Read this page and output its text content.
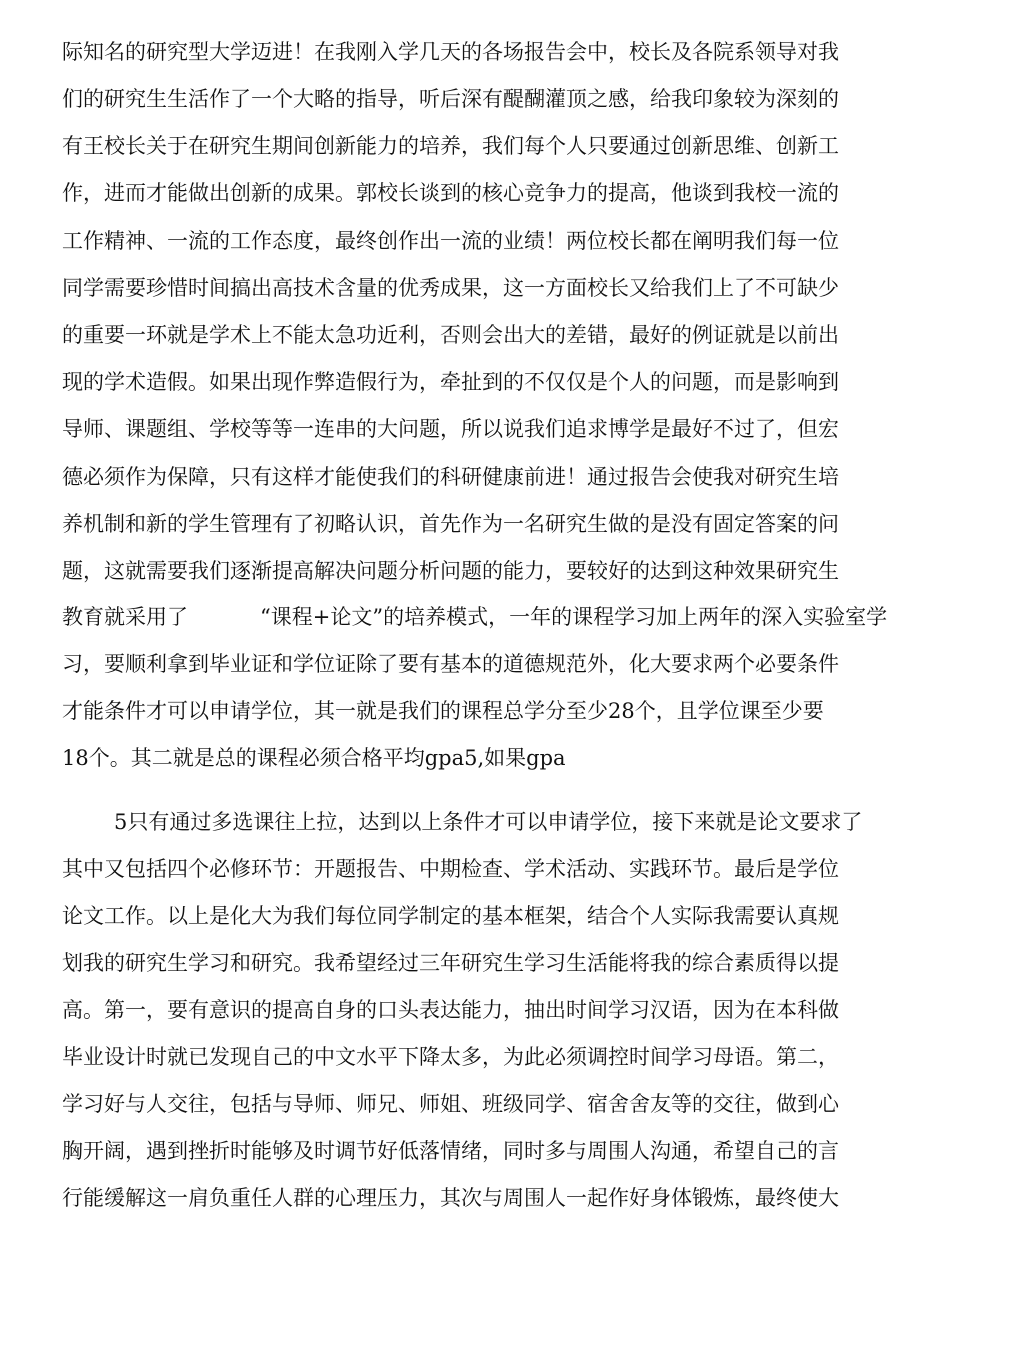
际知名的研究型大学迈进！在我刚入学几天的各场报告会中，校长及各院系领导对我
们的研究生生活作了一个大略的指导，听后深有醍醐灌顶之感，给我印象较为深刻的
有王校长关于在研究生期间创新能力的培养，我们每个人只要通过创新思维、创新工
作，进而才能做出创新的成果。郭校长谈到的核心竞争力的提高，他谈到我校一流的
工作精神、一流的工作态度，最终创作出一流的业绩！两位校长都在阐明我们每一位
同学需要珍惜时间搞出高技术含量的优秀成果，这一方面校长又给我们上了不可缺少
的重要一环就是学术上不能太急功近利，否则会出大的差错，最好的例证就是以前出
现的学术造假。如果出现作弊造假行为，牵扯到的不仅仅是个人的问题，而是影响到
导师、课题组、学校等等一连串的大问题，所以说我们追求博学是最好不过了，但宏
德必须作为保障，只有这样才能使我们的科研健康前进！通过报告会使我对研究生培
养机制和新的学生管理有了初略认识，首先作为一名研究生做的是没有固定答案的问
题，这就需要我们逐渐提高解决问题分析问题的能力，要较好的达到这种效果研究生
教育就采用了	“课程+论文”的培养模式，一年的课程学习加上两年的深入实验室学
习，要顺利拿到毕业证和学位证除了要有基本的道德规范外，化大要求两个必要条件
才能条件才可以申请学位，其一就是我们的课程总学分至少28个，且学位课至少要
18个。其二就是总的课程必须合格平均gpa5,如果gpa
5只有通过多选课往上拉，达到以上条件才可以申请学位，接下来就是论文要求了
其中又包括四个必修环节：开题报告、中期检查、学术活动、实践环节。最后是学位
论文工作。以上是化大为我们每位同学制定的基本框架，结合个人实际我需要认真规
划我的研究生学习和研究。我希望经过三年研究生学习生活能将我的综合素质得以提
高。第一，要有意识的提高自身的口头表达能力，抽出时间学习汉语，因为在本科做
毕业设计时就已发现自己的中文水平下降太多，为此必须调控时间学习母语。第二，
学习好与人交往，包括与导师、师兄、师姐、班级同学、宿舍舍友等的交往，做到心
胸开阔，遇到挫折时能够及时调节好低落情绪，同时多与周围人沟通，希望自己的言
行能缓解这一肩负重任人群的心理压力，其次与周围人一起作好身体锻炼，最终使大
